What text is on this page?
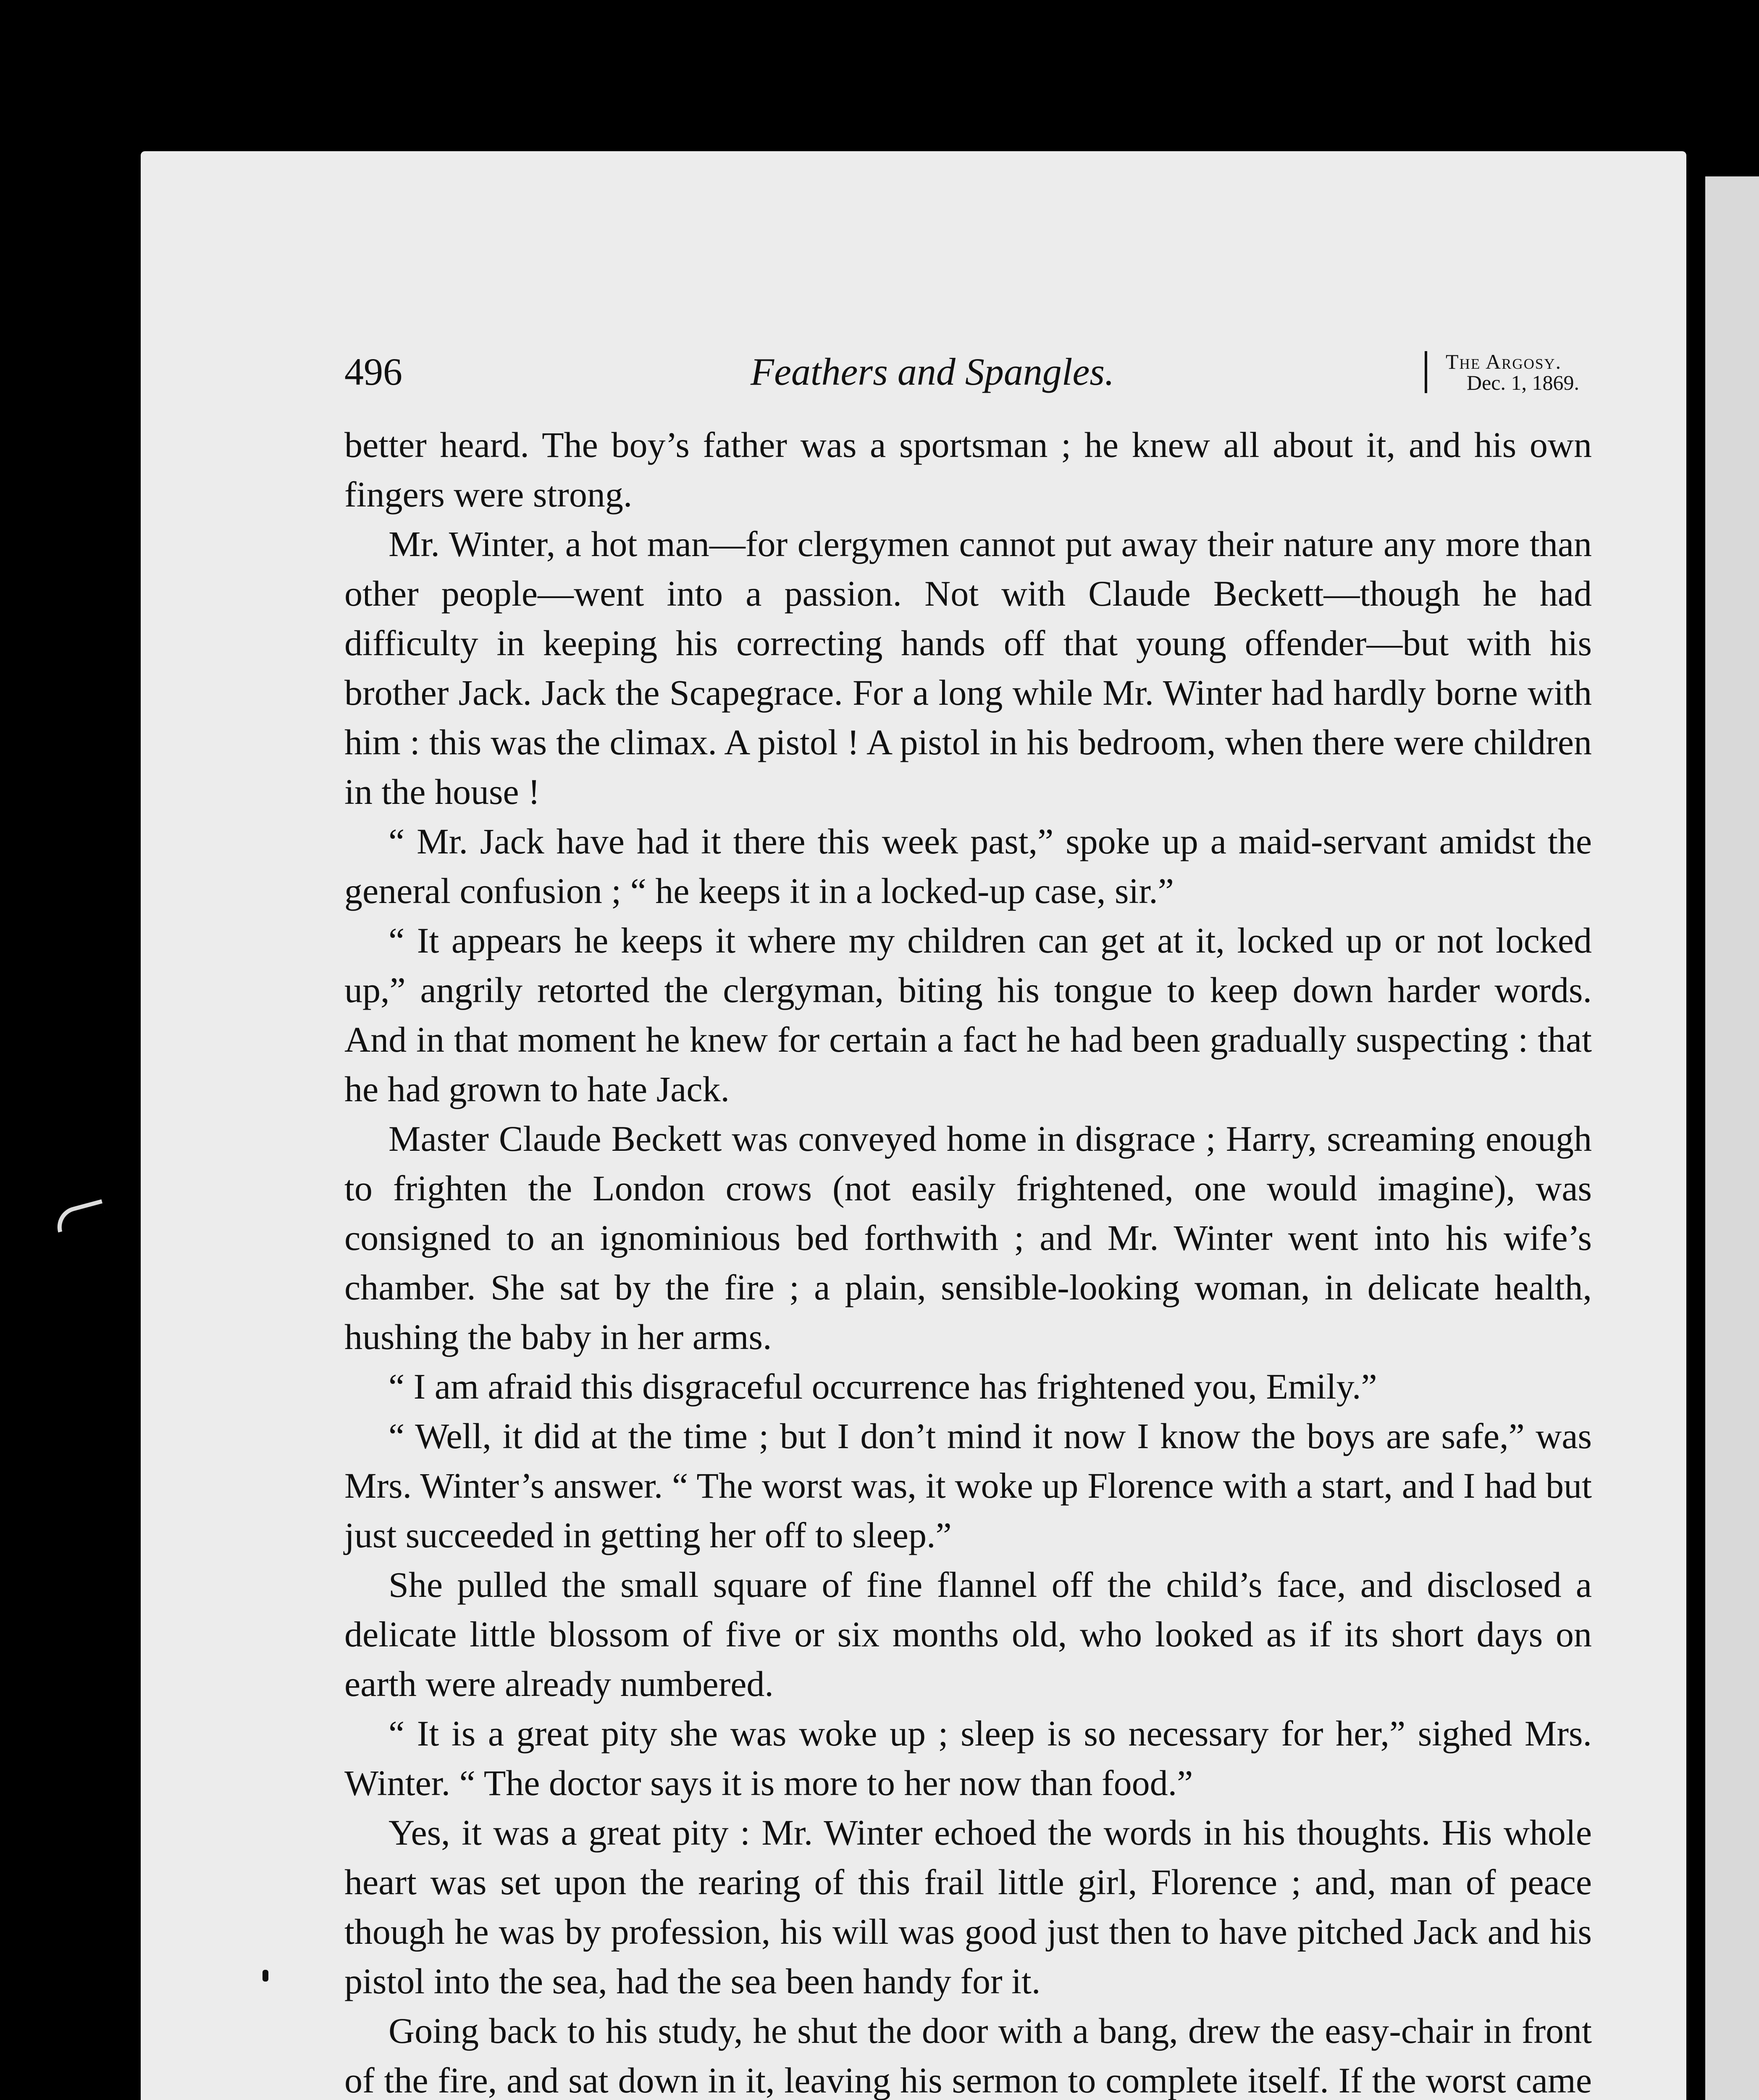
496	Feathers and Spangles.	The Argosy.
Dec. 1, 1869.

better heard. The boy’s father was a sportsman ; he knew all about it, and his own fingers were strong.

Mr. Winter, a hot man—for clergymen cannot put away their nature any more than other people—went into a passion. Not with Claude Beckett—though he had difficulty in keeping his correcting hands off that young offender—but with his brother Jack. Jack the Scapegrace. For a long while Mr. Winter had hardly borne with him : this was the climax. A pistol ! A pistol in his bedroom, when there were children in the house !

“ Mr. Jack have had it there this week past,” spoke up a maid-servant amidst the general confusion ; “ he keeps it in a locked-up case, sir.”

“ It appears he keeps it where my children can get at it, locked up or not locked up,” angrily retorted the clergyman, biting his tongue to keep down harder words. And in that moment he knew for certain a fact he had been gradually suspecting : that he had grown to hate Jack.

Master Claude Beckett was conveyed home in disgrace ; Harry, screaming enough to frighten the London crows (not easily frightened, one would imagine), was consigned to an ignominious bed forthwith ; and Mr. Winter went into his wife’s chamber. She sat by the fire ; a plain, sensible-looking woman, in delicate health, hushing the baby in her arms.

“ I am afraid this disgraceful occurrence has frightened you, Emily.”

“ Well, it did at the time ; but I don’t mind it now I know the boys are safe,” was Mrs. Winter’s answer. “ The worst was, it woke up Florence with a start, and I had but just succeeded in getting her off to sleep.”

She pulled the small square of fine flannel off the child’s face, and disclosed a delicate little blossom of five or six months old, who looked as if its short days on earth were already numbered.

“ It is a great pity she was woke up ; sleep is so necessary for her,” sighed Mrs. Winter. “ The doctor says it is more to her now than food.”

Yes, it was a great pity : Mr. Winter echoed the words in his thoughts. His whole heart was set upon the rearing of this frail little girl, Florence ; and, man of peace though he was by profession, his will was good just then to have pitched Jack and his pistol into the sea, had the sea been handy for it.

Going back to his study, he shut the door with a bang, drew the easy-chair in front of the fire, and sat down in it, leaving his sermon to complete itself. If the worst came
